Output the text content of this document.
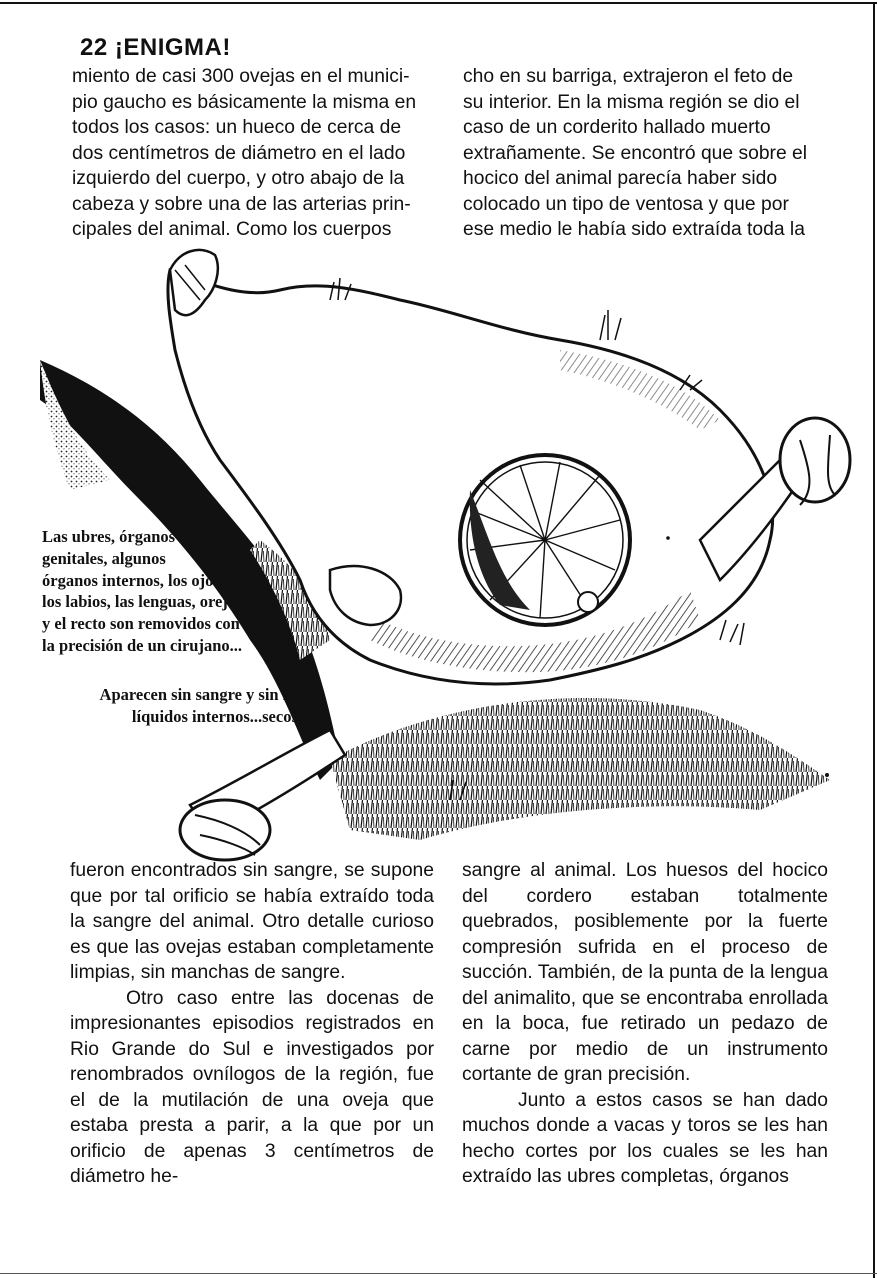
22 ¡ENIGMA!

miento de casi 300 ovejas en el munici-

pio gaucho es básicamente la misma en

todos los casos: un hueco de cerca de

dos centímetros de diámetro en el lado

izquierdo del cuerpo, y otro abajo de la

cabeza y sobre una de las arterias prin-

cipales del animal. Como los cuerpos

cho en su barriga, extrajeron el feto de

su interior. En la misma región se dio el

caso de un corderito hallado muerto

extrañamente. Se encontró que sobre el

hocico del animal parecía haber sido

colocado un tipo de ventosa y que por

ese medio le había sido extraída toda la

Las ubres, órganos
genitales, algunos
órganos internos, los ojos,
los labios, las lenguas, orejas
y el recto son removidos con
la precisión de un cirujano...
Aparecen sin sangre y sin los
líquidos internos...secos.

fueron encontrados sin sangre, se supone que por tal orificio se había extraído toda la sangre del animal. Otro detalle curioso es que las ovejas estaban completamente limpias, sin manchas de sangre.

Otro caso entre las docenas de impresionantes episodios registrados en Rio Grande do Sul e investigados por renombrados ovnílogos de la región, fue el de la mutilación de una oveja que estaba presta a parir, a la que por un orificio de apenas 3 centímetros de diámetro he-

sangre al animal. Los huesos del hocico del cordero estaban totalmente quebrados, posiblemente por la fuerte compresión sufrida en el proceso de succión. También, de la punta de la lengua del animalito, que se encontraba enrollada en la boca, fue retirado un pedazo de carne por medio de un instrumento cortante de gran precisión.

Junto a estos casos se han dado muchos donde a vacas y toros se les han hecho cortes por los cuales se les han extraído las ubres completas, órganos
